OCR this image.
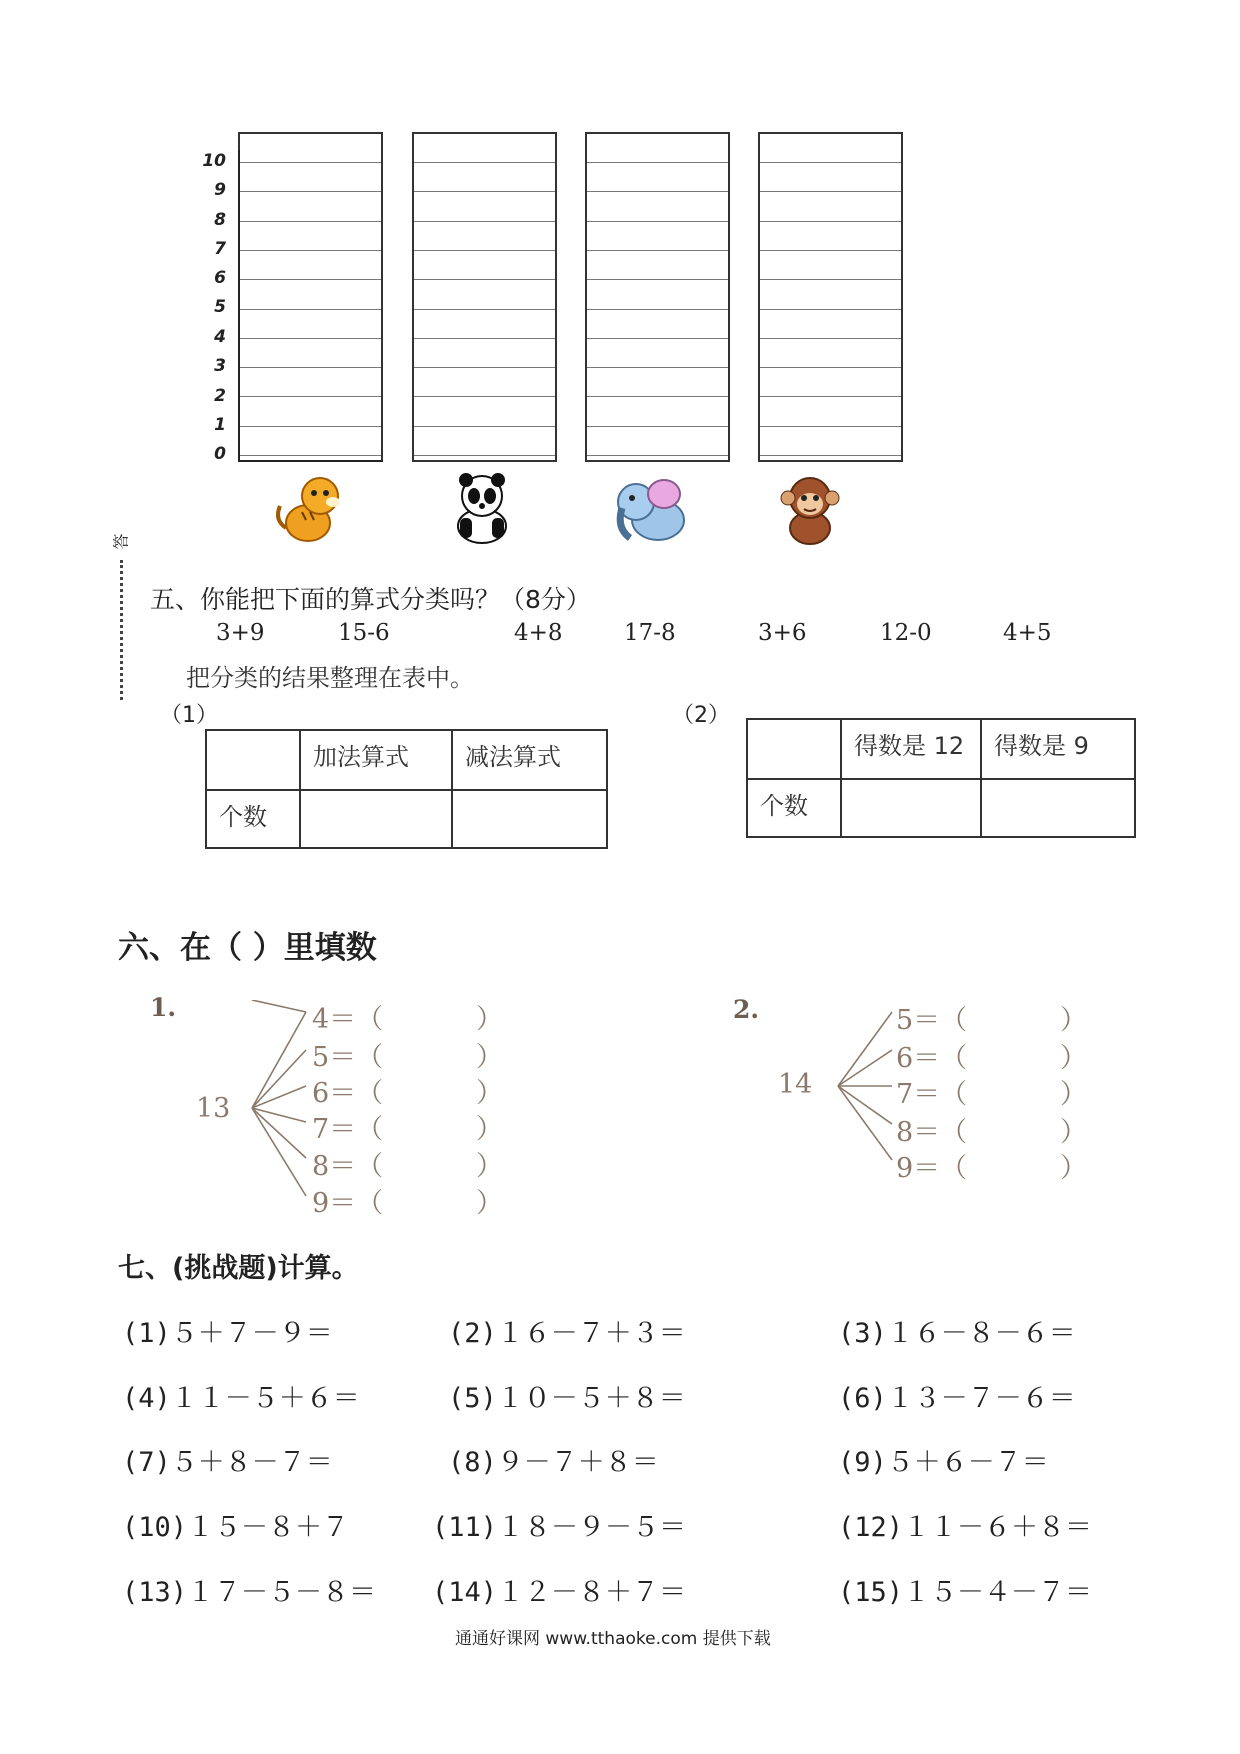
10
9
8
7
6
5
4
3
2
1
0
答
五、你能把下面的算式分类吗？（8分）
3+9	15-6	4+8	17-8	3+6	12-0	4+5
把分类的结果整理在表中。
（1）	（2）
	加法算式	减法算式
个数		
	得数是 12	得数是 9
个数		
六、在（ ）里填数
1.
13
4＝（
5＝（
6＝（
7＝（
8＝（
9＝（
）
）
）
）
）
）
2.
14
5＝（
6＝（
7＝（
8＝（
9＝（
）
）
）
）
）
七、(挑战题)计算。
(1)５＋７－９＝	(2)１６－７＋３＝	(3)１６－８－６＝
(4)１１－５＋６＝	(5)１０－５＋８＝	(6)１３－７－６＝
(7)５＋８－７＝	(8)９－７＋８＝	(9)５＋６－７＝
(10)１５－８＋７	(11)１８－９－５＝	(12)１１－６＋８＝
(13)１７－５－８＝ (14)１２－８＋７＝	(15)１５－４－７＝
通通好课网 www.tthaoke.com 提供下载
